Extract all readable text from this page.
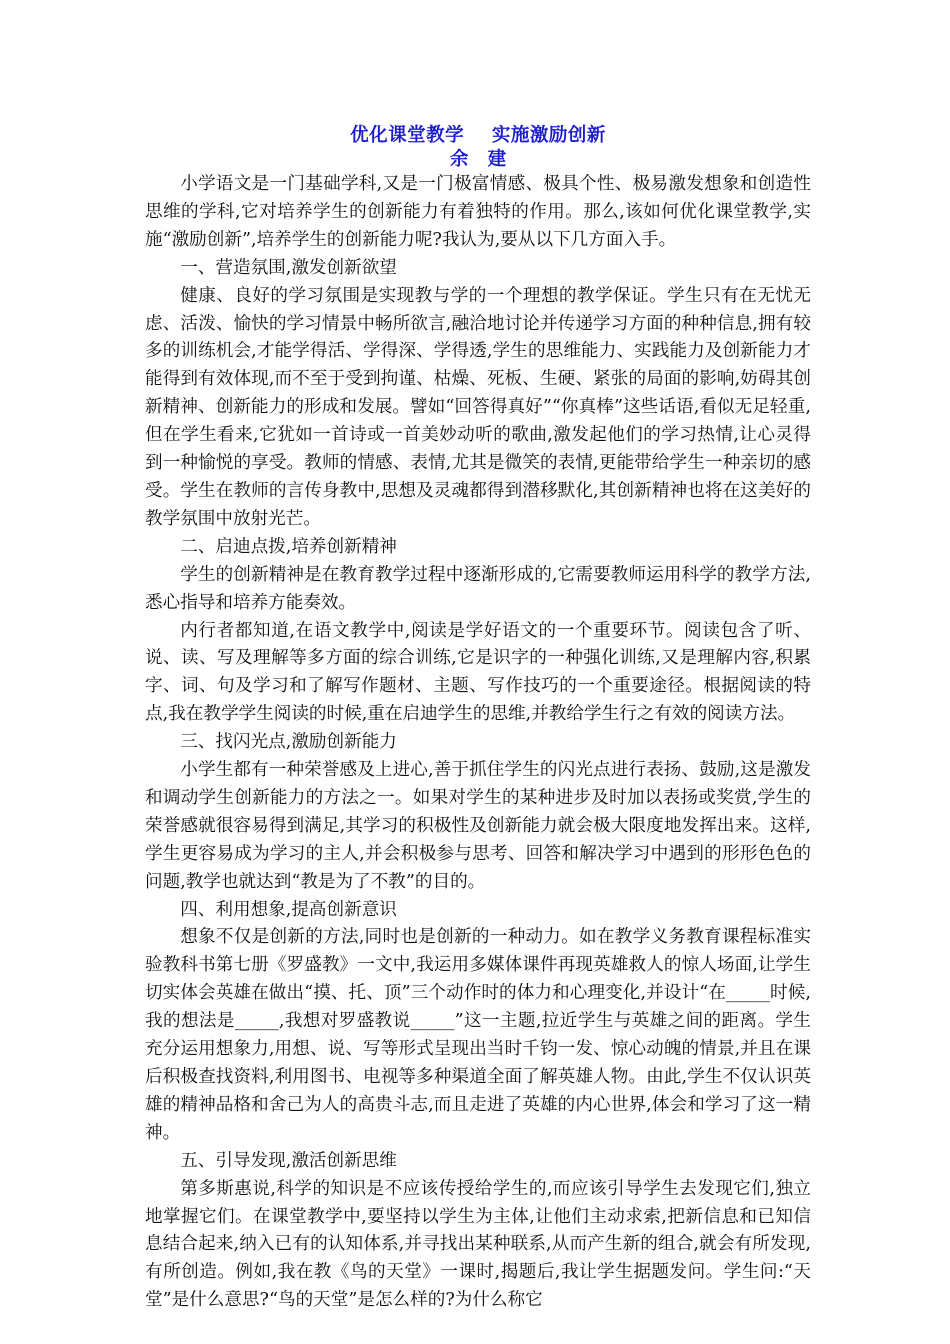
优化课堂教学    实施激励创新
余   建

小学语文是一门基础学科,又是一门极富情感、极具个性、极易激发想象和创造性思维的学科,它对培养学生的创新能力有着独特的作用。那么,该如何优化课堂教学,实施“激励创新”,培养学生的创新能力呢?我认为,要从以下几方面入手。

一、营造氛围,激发创新欲望

健康、良好的学习氛围是实现教与学的一个理想的教学保证。学生只有在无忧无虑、活泼、愉快的学习情景中畅所欲言,融洽地讨论并传递学习方面的种种信息,拥有较多的训练机会,才能学得活、学得深、学得透,学生的思维能力、实践能力及创新能力才能得到有效体现,而不至于受到拘谨、枯燥、死板、生硬、紧张的局面的影响,妨碍其创新精神、创新能力的形成和发展。譬如“回答得真好”“你真棒”这些话语,看似无足轻重,但在学生看来,它犹如一首诗或一首美妙动听的歌曲,激发起他们的学习热情,让心灵得到一种愉悦的享受。教师的情感、表情,尤其是微笑的表情,更能带给学生一种亲切的感受。学生在教师的言传身教中,思想及灵魂都得到潜移默化,其创新精神也将在这美好的教学氛围中放射光芒。

二、启迪点拨,培养创新精神

学生的创新精神是在教育教学过程中逐渐形成的,它需要教师运用科学的教学方法,悉心指导和培养方能奏效。

内行者都知道,在语文教学中,阅读是学好语文的一个重要环节。阅读包含了听、说、读、写及理解等多方面的综合训练,它是识字的一种强化训练,又是理解内容,积累字、词、句及学习和了解写作题材、主题、写作技巧的一个重要途径。根据阅读的特点,我在教学学生阅读的时候,重在启迪学生的思维,并教给学生行之有效的阅读方法。

三、找闪光点,激励创新能力

小学生都有一种荣誉感及上进心,善于抓住学生的闪光点进行表扬、鼓励,这是激发和调动学生创新能力的方法之一。如果对学生的某种进步及时加以表扬或奖赏,学生的荣誉感就很容易得到满足,其学习的积极性及创新能力就会极大限度地发挥出来。这样,学生更容易成为学习的主人,并会积极参与思考、回答和解决学习中遇到的形形色色的问题,教学也就达到“教是为了不教”的目的。

四、利用想象,提高创新意识

想象不仅是创新的方法,同时也是创新的一种动力。如在教学义务教育课程标准实验教科书第七册《罗盛教》一文中,我运用多媒体课件再现英雄救人的惊人场面,让学生切实体会英雄在做出“摸、托、顶”三个动作时的体力和心理变化,并设计“在_____时候,我的想法是_____,我想对罗盛教说_____”这一主题,拉近学生与英雄之间的距离。学生充分运用想象力,用想、说、写等形式呈现出当时千钧一发、惊心动魄的情景,并且在课后积极查找资料,利用图书、电视等多种渠道全面了解英雄人物。由此,学生不仅认识英雄的精神品格和舍己为人的高贵斗志,而且走进了英雄的内心世界,体会和学习了这一精神。

五、引导发现,激活创新思维

第多斯惠说,科学的知识是不应该传授给学生的,而应该引导学生去发现它们,独立地掌握它们。在课堂教学中,要坚持以学生为主体,让他们主动求索,把新信息和已知信息结合起来,纳入已有的认知体系,并寻找出某种联系,从而产生新的组合,就会有所发现,有所创造。例如,我在教《鸟的天堂》一课时,揭题后,我让学生据题发问。学生问:“天堂”是什么意思?“鸟的天堂”是怎么样的?为什么称它
